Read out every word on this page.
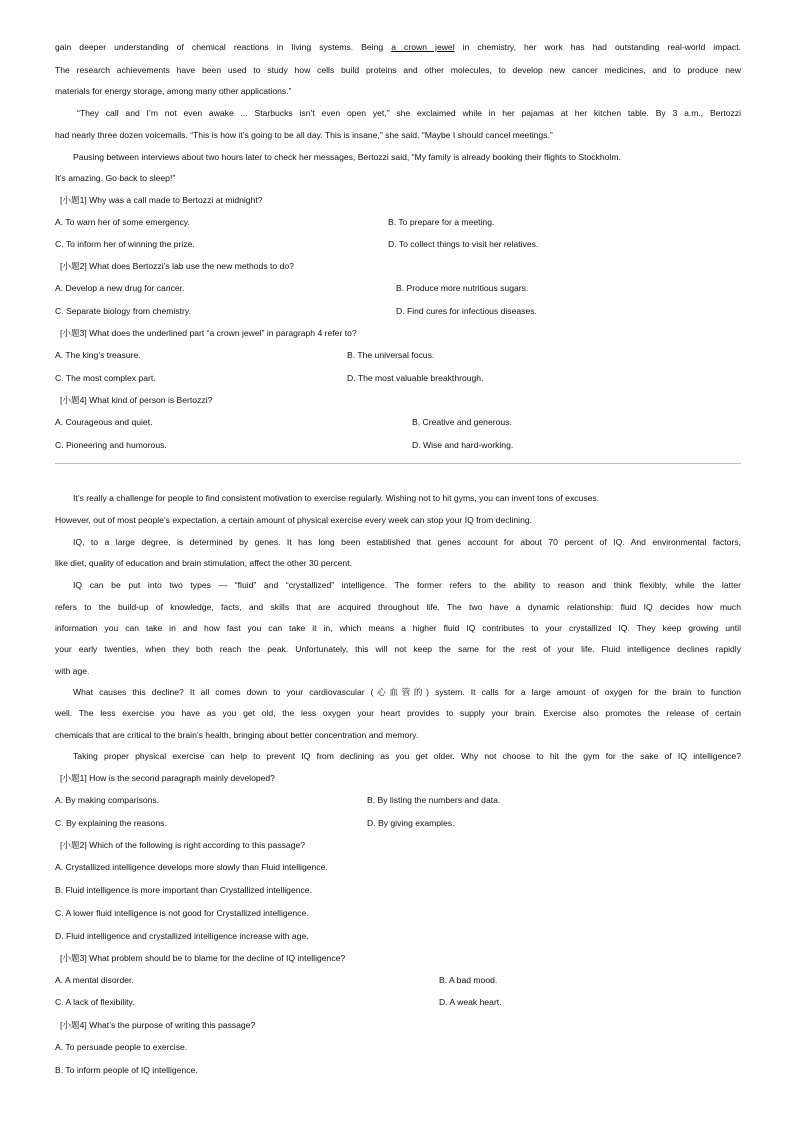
gain deeper understanding of chemical reactions in living systems. Being a crown jewel in chemistry, her work has had outstanding real-world impact.
The research achievements have been used to study how cells build proteins and other molecules, to develop new cancer medicines, and to produce new
materials for energy storage, among many other applications.”
“They call and I’m not even awake ... Starbucks isn’t even open yet,” she exclaimed while in her pajamas at her kitchen table. By 3 a.m., Bertozzi
had nearly three dozen voicemails. “This is how it’s going to be all day. This is insane,” she said. “Maybe I should cancel meetings.”
Pausing between interviews about two hours later to check her messages, Bertozzi said, “My family is already booking their flights to Stockholm.
It’s amazing. Go back to sleep!”
[小题1] Why was a call made to Bertozzi at midnight?
A. To warn her of some emergency.	B. To prepare for a meeting.
C. To inform her of winning the prize.	D. To collect things to visit her relatives.
[小题2] What does Bertozzi’s lab use the new methods to do?
A. Develop a new drug for cancer.	B. Produce more nutritious sugars.
C. Separate biology from chemistry.	D. Find cures for infectious diseases.
[小题3] What does the underlined part “a crown jewel” in paragraph 4 refer to?
A. The king’s treasure.	B. The universal focus.
C. The most complex part.	D. The most valuable breakthrough.
[小题4] What kind of person is Bertozzi?
A. Courageous and quiet.	B. Creative and generous.
C. Pioneering and humorous.	D. Wise and hard-working.
It’s really a challenge for people to find consistent motivation to exercise regularly. Wishing not to hit gyms, you can invent tons of excuses.
However, out of most people’s expectation, a certain amount of physical exercise every week can stop your IQ from declining.
IQ, to a large degree, is determined by genes. It has long been established that genes account for about 70 percent of IQ. And environmental factors,
like diet, quality of education and brain stimulation, affect the other 30 percent.
IQ can be put into two types — “fluid” and “crystallized” intelligence. The former refers to the ability to reason and think flexibly, while the latter
refers to the build-up of knowledge, facts, and skills that are acquired throughout life. The two have a dynamic relationship: fluid IQ decides how much
information you can take in and how fast you can take it in, which means a higher fluid IQ contributes to your crystallized IQ. They keep growing until
your early twenties, when they both reach the peak. Unfortunately, this will not keep the same for the rest of your life. Fluid intelligence declines rapidly
with age.
What causes this decline? It all comes down to your cardiovascular (心血管的) system. It calls for a large amount of oxygen for the brain to function
well. The less exercise you have as you get old, the less oxygen your heart provides to supply your brain. Exercise also promotes the release of certain
chemicals that are critical to the brain’s health, bringing about better concentration and memory.
Taking proper physical exercise can help to prevent IQ from declining as you get older. Why not choose to hit the gym for the sake of IQ intelligence?
[小题1] How is the second paragraph mainly developed?
A. By making comparisons.	B. By listing the numbers and data.
C. By explaining the reasons.	D. By giving examples.
[小题2] Which of the following is right according to this passage?
A. Crystallized intelligence develops more slowly than Fluid intelligence.
B. Fluid intelligence is more important than Crystallized intelligence.
C. A lower fluid intelligence is not good for Crystallized intelligence.
D. Fluid intelligence and crystallized intelligence increase with age.
[小题3] What problem should be to blame for the decline of IQ intelligence?
A. A mental disorder.	B. A bad mood.
C. A lack of flexibility.	D. A weak heart.
[小题4] What’s the purpose of writing this passage?
A. To persuade people to exercise.
B. To inform people of IQ intelligence.
